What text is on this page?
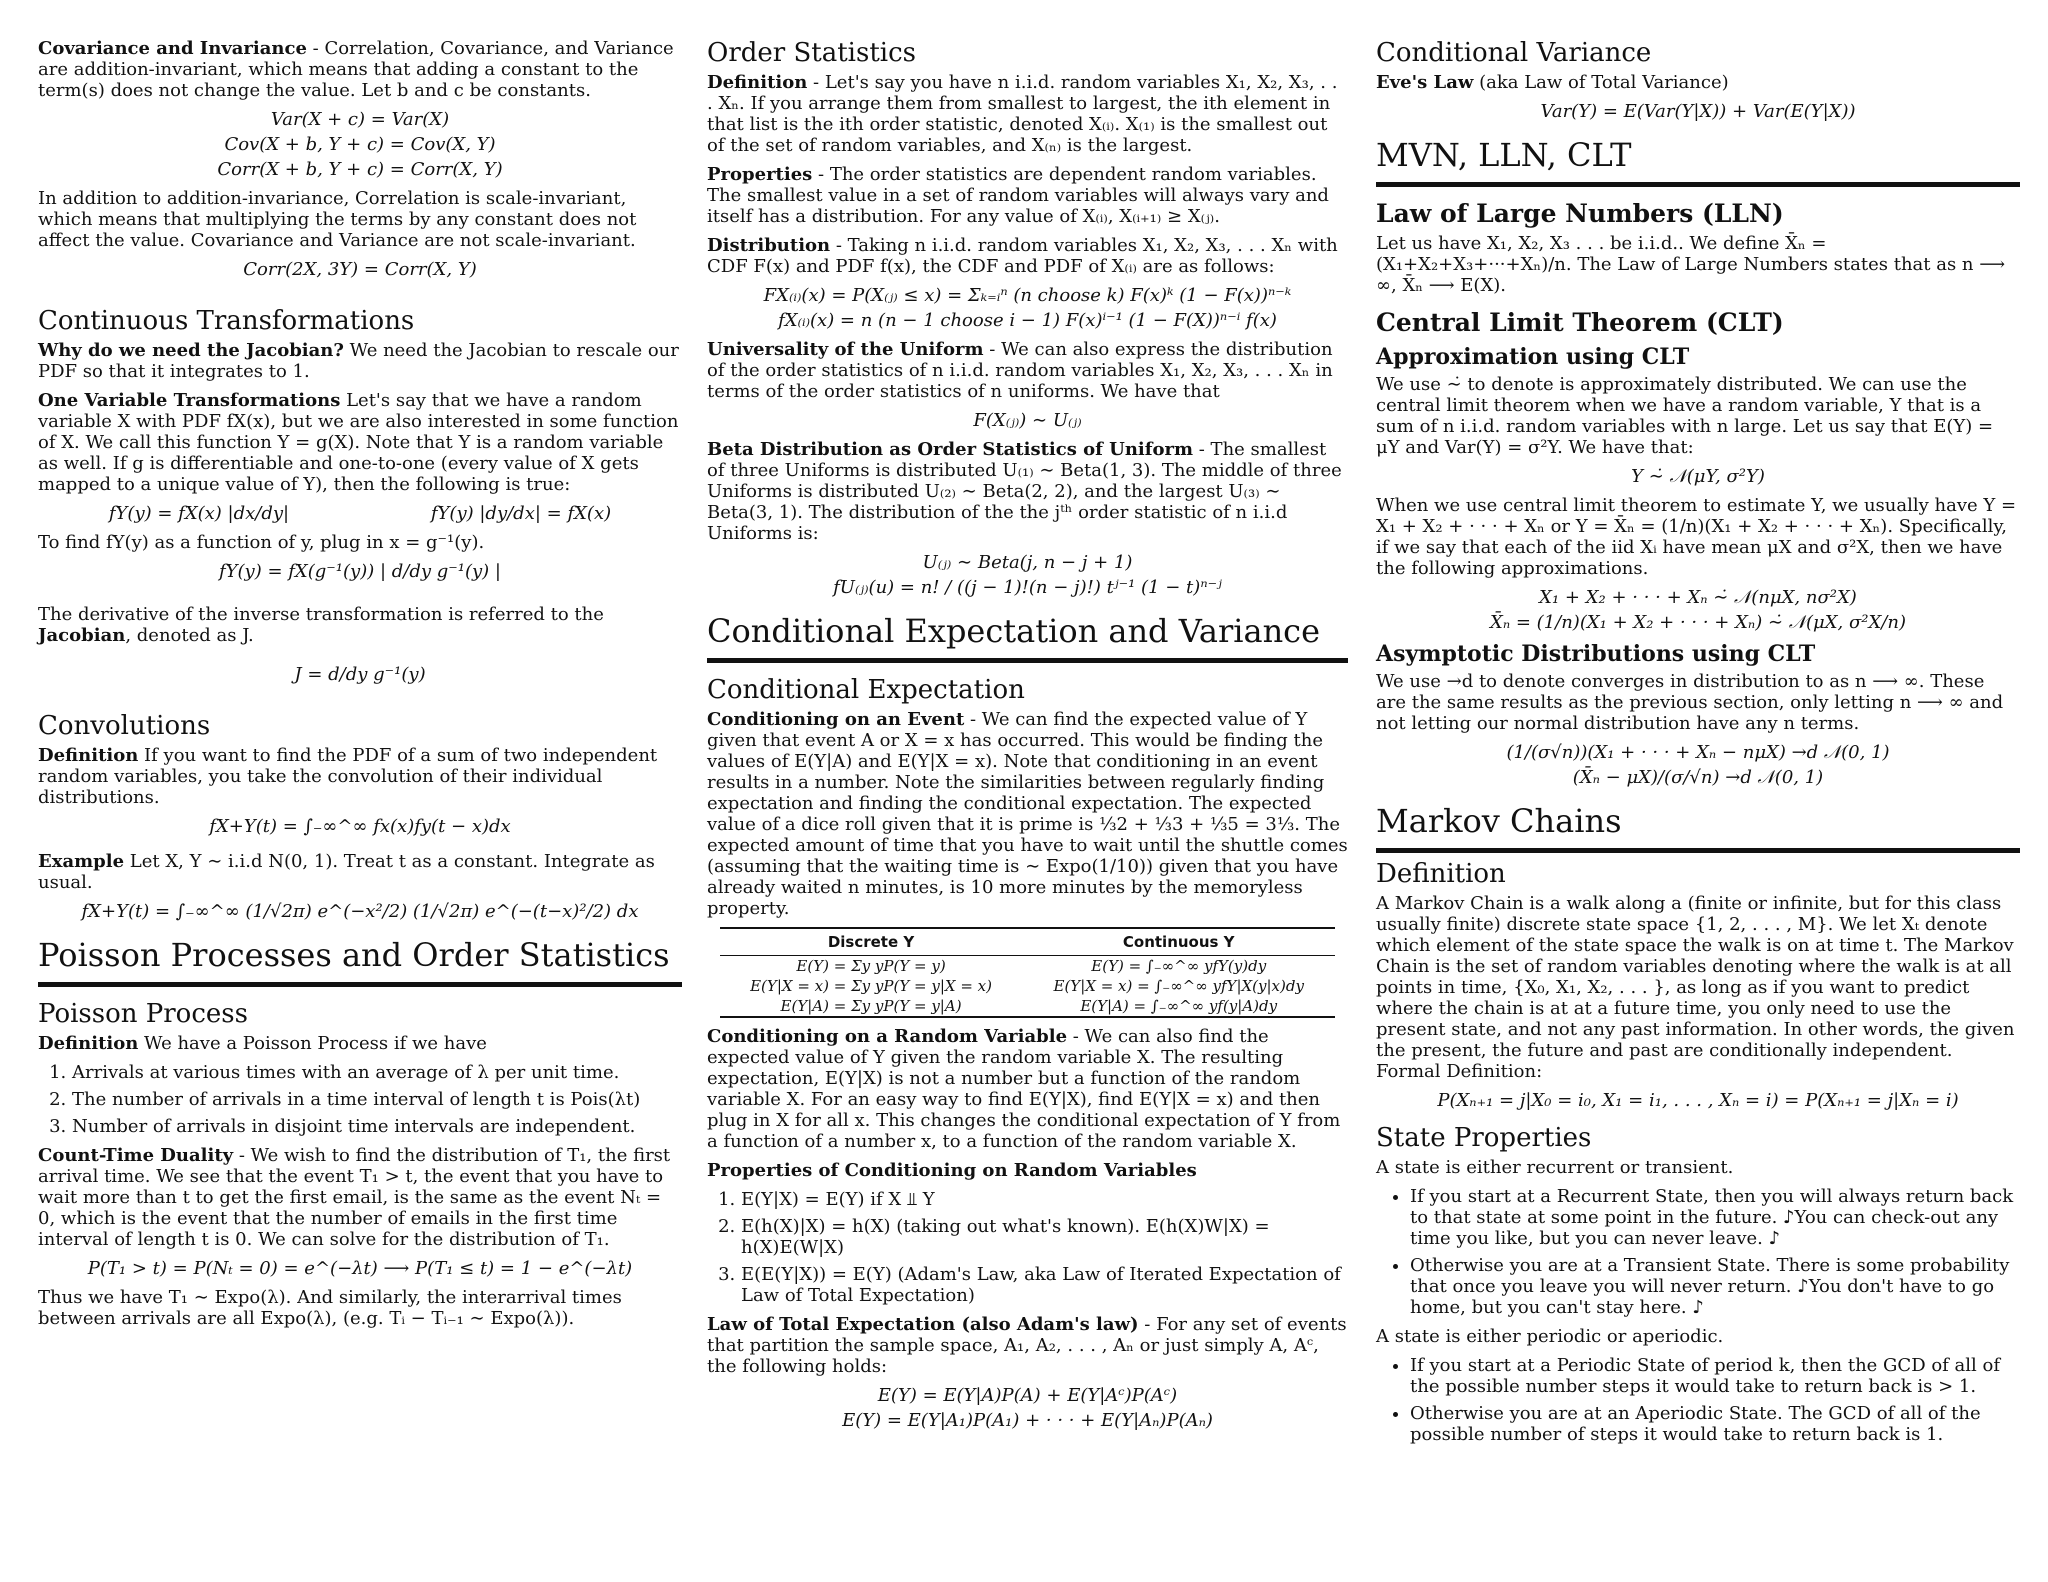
Covariance and Invariance - Correlation, Covariance, and Variance are addition-invariant, which means that adding a constant to the term(s) does not change the value. Let b and c be constants.

Var(X + c) = Var(X)
Cov(X + b, Y + c) = Cov(X, Y)
Corr(X + b, Y + c) = Corr(X, Y)

In addition to addition-invariance, Correlation is scale-invariant, which means that multiplying the terms by any constant does not affect the value. Covariance and Variance are not scale-invariant.

Corr(2X, 3Y) = Corr(X, Y)
Continuous Transformations

Why do we need the Jacobian? We need the Jacobian to rescale our PDF so that it integrates to 1.

One Variable Transformations Let's say that we have a random variable X with PDF fX(x), but we are also interested in some function of X. We call this function Y = g(X). Note that Y is a random variable as well. If g is differentiable and one-to-one (every value of X gets mapped to a unique value of Y), then the following is true:

fY(y) = fX(x) |dx/dy|	fY(y) |dy/dx| = fX(x)

To find fY(y) as a function of y, plug in x = g⁻¹(y).

fY(y) = fX(g⁻¹(y)) | d/dy g⁻¹(y) |

The derivative of the inverse transformation is referred to the
Jacobian, denoted as J.

J = d/dy g⁻¹(y)
Convolutions

Definition If you want to find the PDF of a sum of two independent random variables, you take the convolution of their individual distributions.

fX+Y(t) = ∫₋∞^∞ fx(x)fy(t − x)dx

Example Let X, Y ∼ i.i.d N(0, 1). Treat t as a constant. Integrate as usual.

fX+Y(t) = ∫₋∞^∞ (1/√2π) e^(−x²/2) (1/√2π) e^(−(t−x)²/2) dx
Poisson Processes and Order Statistics
Poisson Process

Definition We have a Poisson Process if we have

1. Arrivals at various times with an average of λ per unit time.
2. The number of arrivals in a time interval of length t is Pois(λt)
3. Number of arrivals in disjoint time intervals are independent.

Count-Time Duality - We wish to find the distribution of T₁, the first arrival time. We see that the event T₁ > t, the event that you have to wait more than t to get the first email, is the same as the event Nₜ = 0, which is the event that the number of emails in the first time interval of length t is 0. We can solve for the distribution of T₁.

P(T₁ > t) = P(Nₜ = 0) = e^(−λt) ⟶ P(T₁ ≤ t) = 1 − e^(−λt)

Thus we have T₁ ∼ Expo(λ). And similarly, the interarrival times between arrivals are all Expo(λ), (e.g. Tᵢ − Tᵢ₋₁ ∼ Expo(λ)).

Order Statistics

Definition - Let's say you have n i.i.d. random variables X₁, X₂, X₃, . . . Xₙ. If you arrange them from smallest to largest, the ith element in that list is the ith order statistic, denoted X₍ᵢ₎. X₍₁₎ is the smallest out of the set of random variables, and X₍ₙ₎ is the largest.

Properties - The order statistics are dependent random variables. The smallest value in a set of random variables will always vary and itself has a distribution. For any value of X₍ᵢ₎, X₍ᵢ₊₁₎ ≥ X₍ⱼ₎.

Distribution - Taking n i.i.d. random variables X₁, X₂, X₃, . . . Xₙ with CDF F(x) and PDF f(x), the CDF and PDF of X₍ᵢ₎ are as follows:

FX₍ᵢ₎(x) = P(X₍ⱼ₎ ≤ x) = Σₖ₌ᵢⁿ (n choose k) F(x)ᵏ (1 − F(x))ⁿ⁻ᵏ
fX₍ᵢ₎(x) = n (n − 1 choose i − 1) F(x)ⁱ⁻¹ (1 − F(X))ⁿ⁻ⁱ f(x)

Universality of the Uniform - We can also express the distribution of the order statistics of n i.i.d. random variables X₁, X₂, X₃, . . . Xₙ in terms of the order statistics of n uniforms. We have that

F(X₍ⱼ₎) ∼ U₍ⱼ₎

Beta Distribution as Order Statistics of Uniform - The smallest of three Uniforms is distributed U₍₁₎ ∼ Beta(1, 3). The middle of three Uniforms is distributed U₍₂₎ ∼ Beta(2, 2), and the largest U₍₃₎ ∼ Beta(3, 1). The distribution of the the jᵗʰ order statistic of n i.i.d Uniforms is:

U₍ⱼ₎ ∼ Beta(j, n − j + 1)
fU₍ⱼ₎(u) = n! / ((j − 1)!(n − j)!) tʲ⁻¹ (1 − t)ⁿ⁻ʲ
Conditional Expectation and Variance
Conditional Expectation

Conditioning on an Event - We can find the expected value of Y given that event A or X = x has occurred. This would be finding the values of E(Y|A) and E(Y|X = x). Note that conditioning in an event results in a number. Note the similarities between regularly finding expectation and finding the conditional expectation. The expected value of a dice roll given that it is prime is ⅓2 + ⅓3 + ⅓5 = 3⅓. The expected amount of time that you have to wait until the shuttle comes (assuming that the waiting time is ∼ Expo(1/10)) given that you have already waited n minutes, is 10 more minutes by the memoryless property.

Discrete Y	Continuous Y
E(Y) = Σy yP(Y = y)	E(Y) = ∫₋∞^∞ yfY(y)dy
E(Y|X = x) = Σy yP(Y = y|X = x)	E(Y|X = x) = ∫₋∞^∞ yfY|X(y|x)dy
E(Y|A) = Σy yP(Y = y|A)	E(Y|A) = ∫₋∞^∞ yf(y|A)dy

Conditioning on a Random Variable - We can also find the expected value of Y given the random variable X. The resulting expectation, E(Y|X) is not a number but a function of the random variable X. For an easy way to find E(Y|X), find E(Y|X = x) and then plug in X for all x. This changes the conditional expectation of Y from a function of a number x, to a function of the random variable X.

Properties of Conditioning on Random Variables

1. E(Y|X) = E(Y) if X ⫫ Y
2. E(h(X)|X) = h(X) (taking out what's known). E(h(X)W|X) = h(X)E(W|X)
3. E(E(Y|X)) = E(Y) (Adam's Law, aka Law of Iterated Expectation of Law of Total Expectation)

Law of Total Expectation (also Adam's law) - For any set of events that partition the sample space, A₁, A₂, . . . , Aₙ or just simply A, Aᶜ, the following holds:

E(Y) = E(Y|A)P(A) + E(Y|Aᶜ)P(Aᶜ)
E(Y) = E(Y|A₁)P(A₁) + · · · + E(Y|Aₙ)P(Aₙ)
Conditional Variance

Eve's Law (aka Law of Total Variance)

Var(Y) = E(Var(Y|X)) + Var(E(Y|X))
MVN, LLN, CLT
Law of Large Numbers (LLN)

Let us have X₁, X₂, X₃ . . . be i.i.d.. We define X̄ₙ = (X₁+X₂+X₃+···+Xₙ)/n. The Law of Large Numbers states that as n ⟶ ∞, X̄ₙ ⟶ E(X).

Central Limit Theorem (CLT)
Approximation using CLT

We use ∼̇ to denote is approximately distributed. We can use the central limit theorem when we have a random variable, Y that is a sum of n i.i.d. random variables with n large. Let us say that E(Y) = μY and Var(Y) = σ²Y. We have that:

Y ∼̇ 𝒩(μY, σ²Y)

When we use central limit theorem to estimate Y, we usually have Y = X₁ + X₂ + · · · + Xₙ or Y = X̄ₙ = (1/n)(X₁ + X₂ + · · · + Xₙ). Specifically, if we say that each of the iid Xᵢ have mean μX and σ²X, then we have the following approximations.

X₁ + X₂ + · · · + Xₙ ∼̇ 𝒩(nμX, nσ²X)
X̄ₙ = (1/n)(X₁ + X₂ + · · · + Xₙ) ∼̇ 𝒩(μX, σ²X/n)
Asymptotic Distributions using CLT

We use →d to denote converges in distribution to as n ⟶ ∞. These are the same results as the previous section, only letting n ⟶ ∞ and not letting our normal distribution have any n terms.

(1/(σ√n))(X₁ + · · · + Xₙ − nμX) →d 𝒩(0, 1)
(X̄ₙ − μX)/(σ/√n) →d 𝒩(0, 1)
Markov Chains
Definition

A Markov Chain is a walk along a (finite or infinite, but for this class usually finite) discrete state space {1, 2, . . . , M}. We let Xₜ denote which element of the state space the walk is on at time t. The Markov Chain is the set of random variables denoting where the walk is at all points in time, {X₀, X₁, X₂, . . . }, as long as if you want to predict where the chain is at at a future time, you only need to use the present state, and not any past information. In other words, the given the present, the future and past are conditionally independent. Formal Definition:

P(Xₙ₊₁ = j|X₀ = i₀, X₁ = i₁, . . . , Xₙ = i) = P(Xₙ₊₁ = j|Xₙ = i)
State Properties

A state is either recurrent or transient.

• If you start at a Recurrent State, then you will always return back to that state at some point in the future. ♪You can check-out any time you like, but you can never leave. ♪
• Otherwise you are at a Transient State. There is some probability that once you leave you will never return. ♪You don't have to go home, but you can't stay here. ♪

A state is either periodic or aperiodic.

• If you start at a Periodic State of period k, then the GCD of all of the possible number steps it would take to return back is > 1.
• Otherwise you are at an Aperiodic State. The GCD of all of the possible number of steps it would take to return back is 1.
